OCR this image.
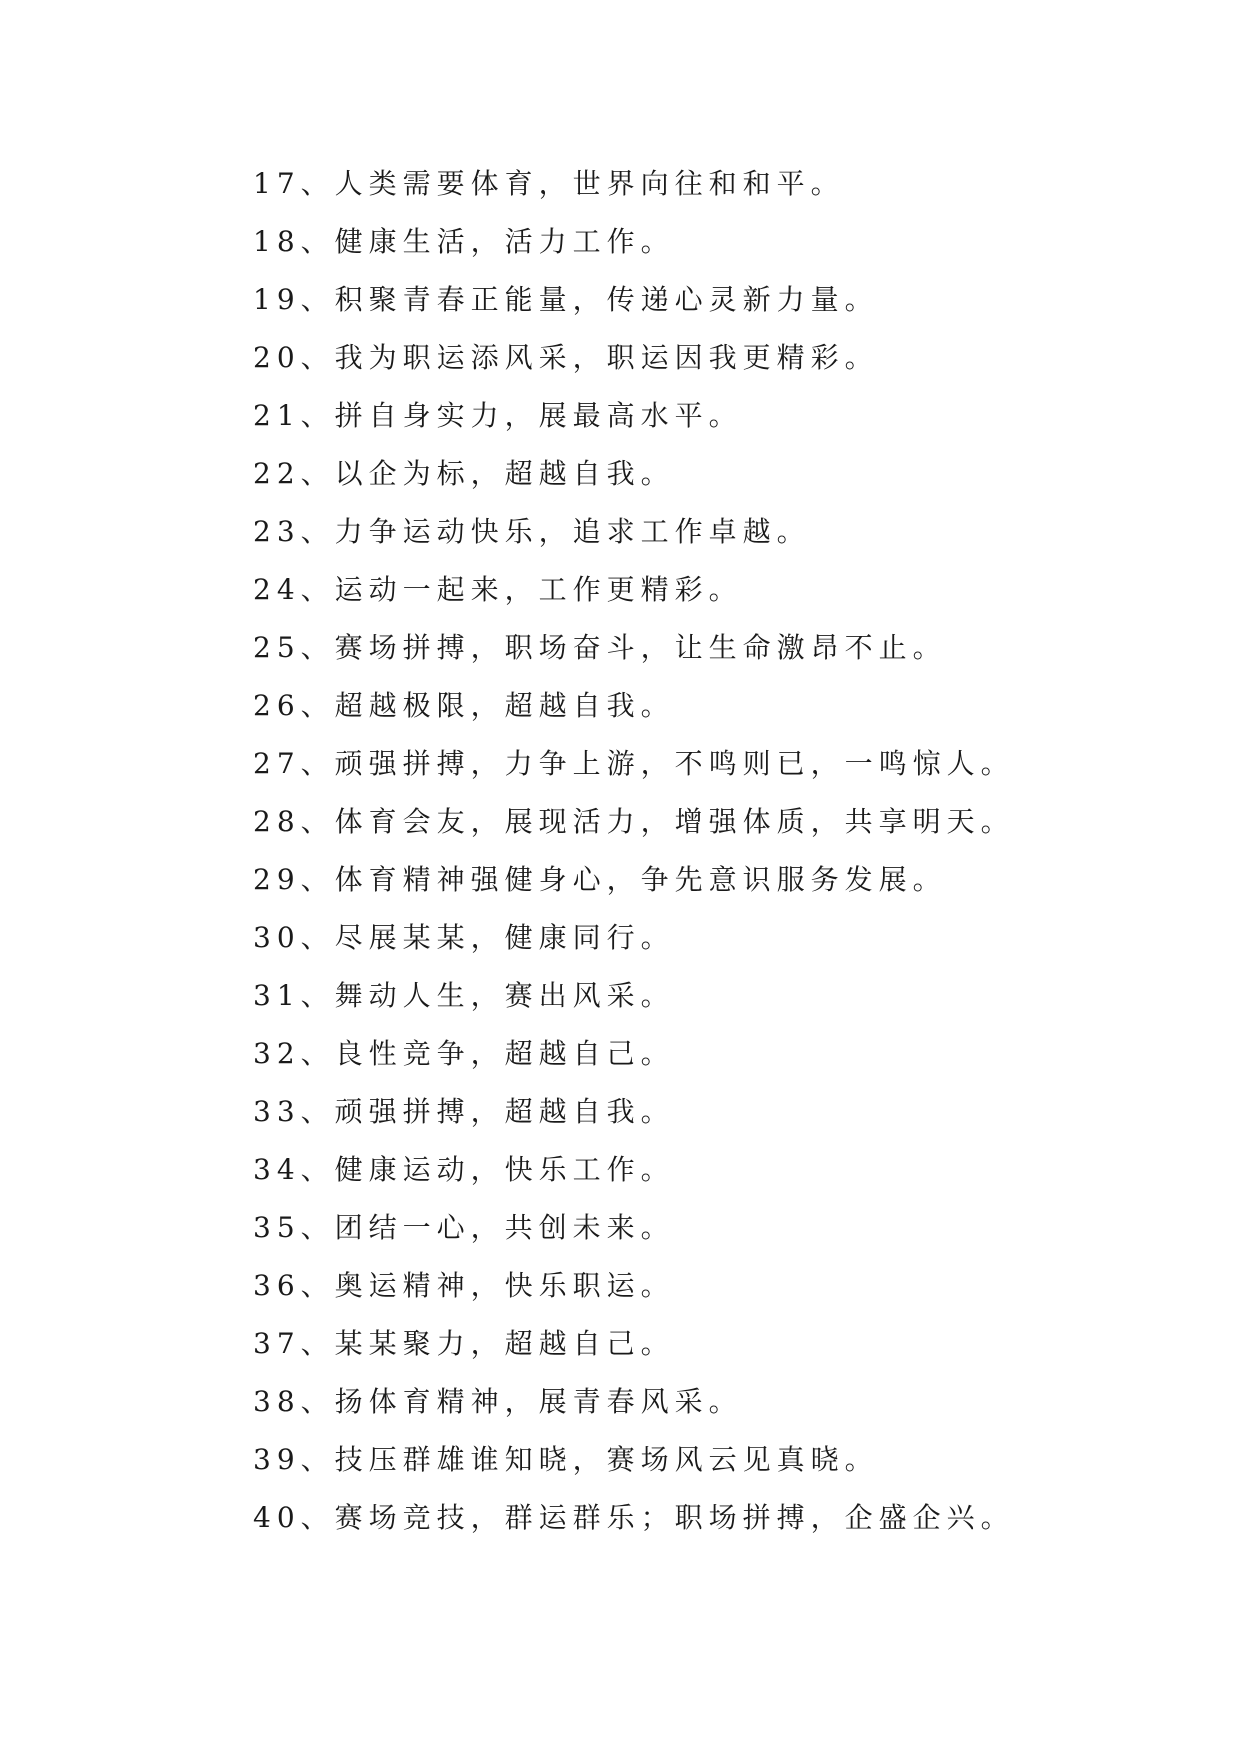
17、人类需要体育，世界向往和和平。
18、健康生活，活力工作。
19、积聚青春正能量，传递心灵新力量。
20、我为职运添风采，职运因我更精彩。
21、拼自身实力，展最高水平。
22、以企为标，超越自我。
23、力争运动快乐，追求工作卓越。
24、运动一起来，工作更精彩。
25、赛场拼搏，职场奋斗，让生命激昂不止。
26、超越极限，超越自我。
27、顽强拼搏，力争上游，不鸣则已，一鸣惊人。
28、体育会友，展现活力，增强体质，共享明天。
29、体育精神强健身心，争先意识服务发展。
30、尽展某某，健康同行。
31、舞动人生，赛出风采。
32、良性竞争，超越自己。
33、顽强拼搏，超越自我。
34、健康运动，快乐工作。
35、团结一心，共创未来。
36、奥运精神，快乐职运。
37、某某聚力，超越自己。
38、扬体育精神，展青春风采。
39、技压群雄谁知晓，赛场风云见真晓。
40、赛场竞技，群运群乐；职场拼搏，企盛企兴。
